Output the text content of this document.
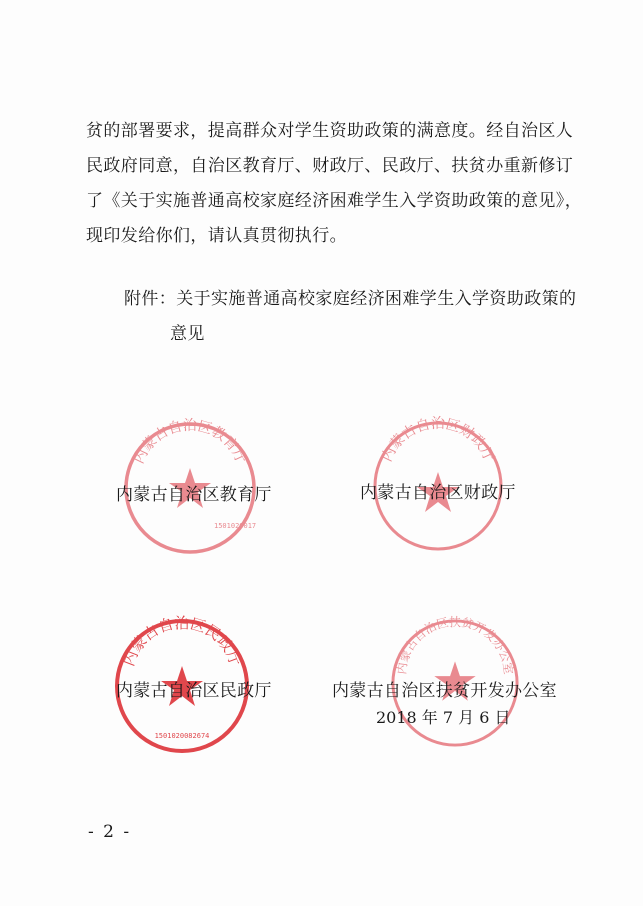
贫的部署要求，提高群众对学生资助政策的满意度。经自治区人
民政府同意，自治区教育厅、财政厅、民政厅、扶贫办重新修订
了《关于实施普通高校家庭经济困难学生入学资助政策的意见》，
现印发给你们，请认真贯彻执行。
附件：关于实施普通高校家庭经济困难学生入学资助政策的
意见
内蒙古自治区教育厅
1501020017
内蒙古自治区教育厅
内蒙古自治区财政厅
内蒙古自治区财政厅
内蒙古自治区民政厅
1501020082674
内蒙古自治区民政厅
内蒙古自治区扶贫开发办公室
内蒙古自治区扶贫开发办公室
2018 年 7 月 6 日
- 2 -
